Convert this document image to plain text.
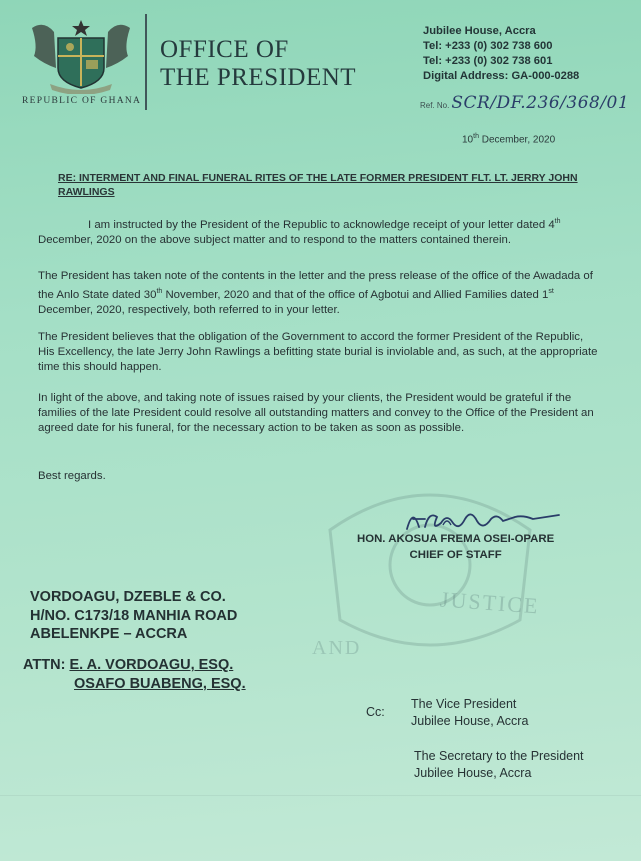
REPUBLIC OF GHANA
OFFICE OF
THE PRESIDENT
Jubilee House, Accra
Tel: +233 (0) 302 738 600
Tel: +233 (0) 302 738 601
Digital Address: GA-000-0288
Ref. No. SCR/DF.236/368/01
10th December, 2020
JUSTICE
AND
RE: INTERMENT AND FINAL FUNERAL RITES OF THE LATE FORMER PRESIDENT FLT. LT. JERRY JOHN RAWLINGS
I am instructed by the President of the Republic to acknowledge receipt of your letter dated 4th December, 2020 on the above subject matter and to respond to the matters contained therein.
The President has taken note of the contents in the letter and the press release of the office of the Awadada of the Anlo State dated 30th November, 2020 and that of the office of Agbotui and Allied Families dated 1st December, 2020, respectively, both referred to in your letter.
The President believes that the obligation of the Government to accord the former President of the Republic, His Excellency, the late Jerry John Rawlings a befitting state burial is inviolable and, as such, at the appropriate time this should happen.
In light of the above, and taking note of issues raised by your clients, the President would be grateful if the families of the late President could resolve all outstanding matters and convey to the Office of the President an agreed date for his funeral, for the necessary action to be taken as soon as possible.
Best regards.
HON. AKOSUA FREMA OSEI-OPARE
CHIEF OF STAFF
VORDOAGU, DZEBLE & CO.
H/NO. C173/18 MANHIA ROAD
ABELENKPE – ACCRA
ATTN: E. A. VORDOAGU, ESQ.
OSAFO BUABENG, ESQ.
Cc:
The Vice President
Jubilee House, Accra
The Secretary to the President
Jubilee House, Accra
